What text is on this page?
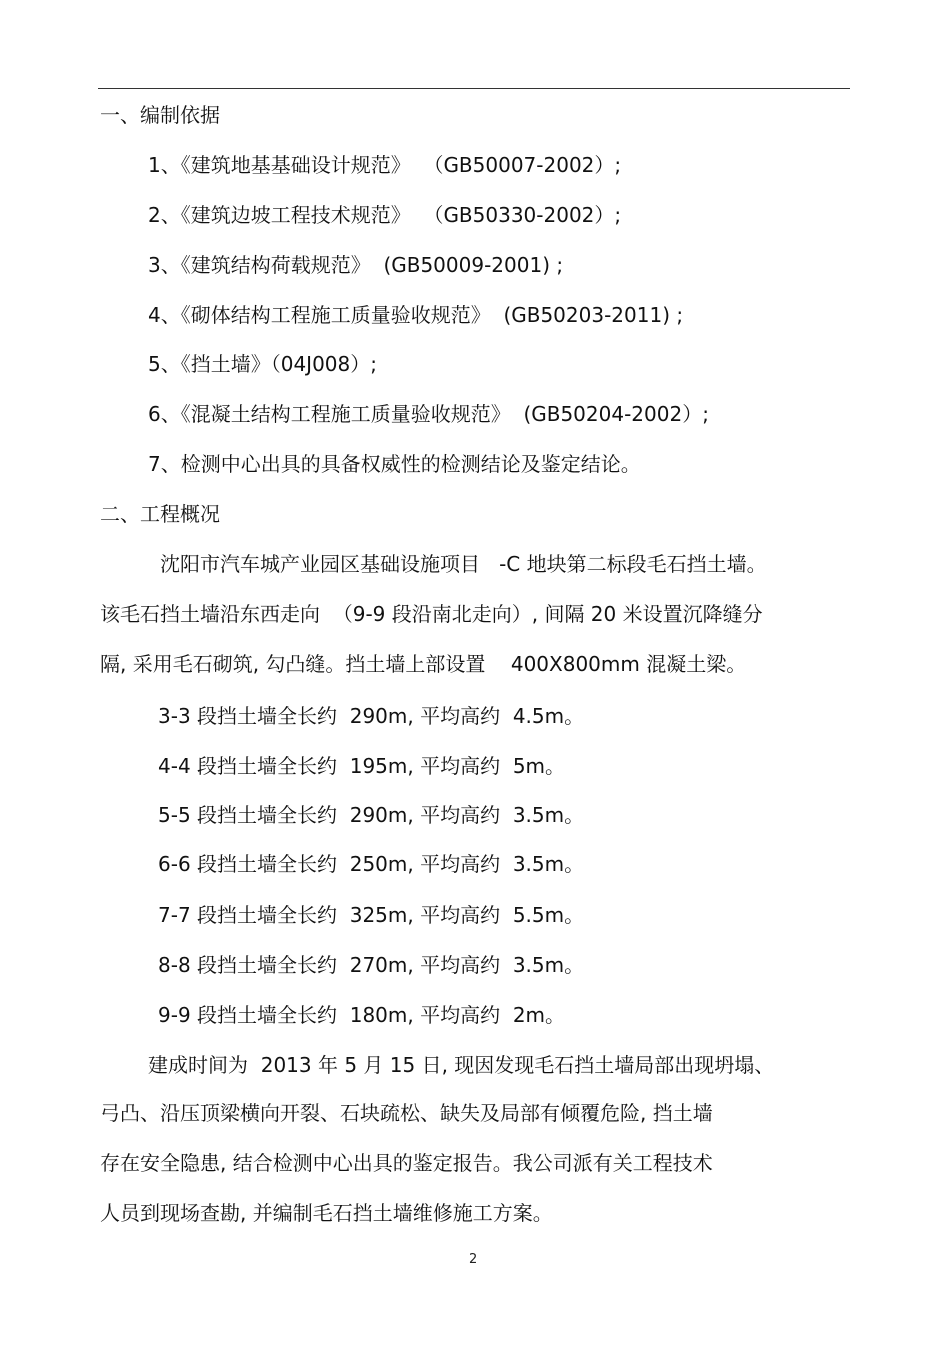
一、编制依据

1、《建筑地基基础设计规范》  （GB50007-2002）;

2、《建筑边坡工程技术规范》  （GB50330-2002）;

3、《建筑结构荷载规范》  (GB50009-2001) ;

4、《砌体结构工程施工质量验收规范》  (GB50203-2011) ;

5、《挡土墙》（04J008）;

6、《混凝土结构工程施工质量验收规范》  (GB50204-2002）;

7、检测中心出具的具备权威性的检测结论及鉴定结论。

二、工程概况

沈阳市汽车城产业园区基础设施项目   -C 地块第二标段毛石挡土墙。

该毛石挡土墙沿东西走向  （9-9 段沿南北走向）, 间隔 20 米设置沉降缝分

隔, 采用毛石砌筑, 勾凸缝。挡土墙上部设置    400X800mm 混凝土梁。

3-3 段挡土墙全长约  290m, 平均高约  4.5m。

4-4 段挡土墙全长约  195m, 平均高约  5m。

5-5 段挡土墙全长约  290m, 平均高约  3.5m。

6-6 段挡土墙全长约  250m, 平均高约  3.5m。

7-7 段挡土墙全长约  325m, 平均高约  5.5m。

8-8 段挡土墙全长约  270m, 平均高约  3.5m。

9-9 段挡土墙全长约  180m, 平均高约  2m。

建成时间为  2013 年 5 月 15 日, 现因发现毛石挡土墙局部出现坍塌、

弓凸、沿压顶梁横向开裂、石块疏松、缺失及局部有倾覆危险, 挡土墙

存在安全隐患, 结合检测中心出具的鉴定报告。我公司派有关工程技术

人员到现场查勘, 并编制毛石挡土墙维修施工方案。

2
